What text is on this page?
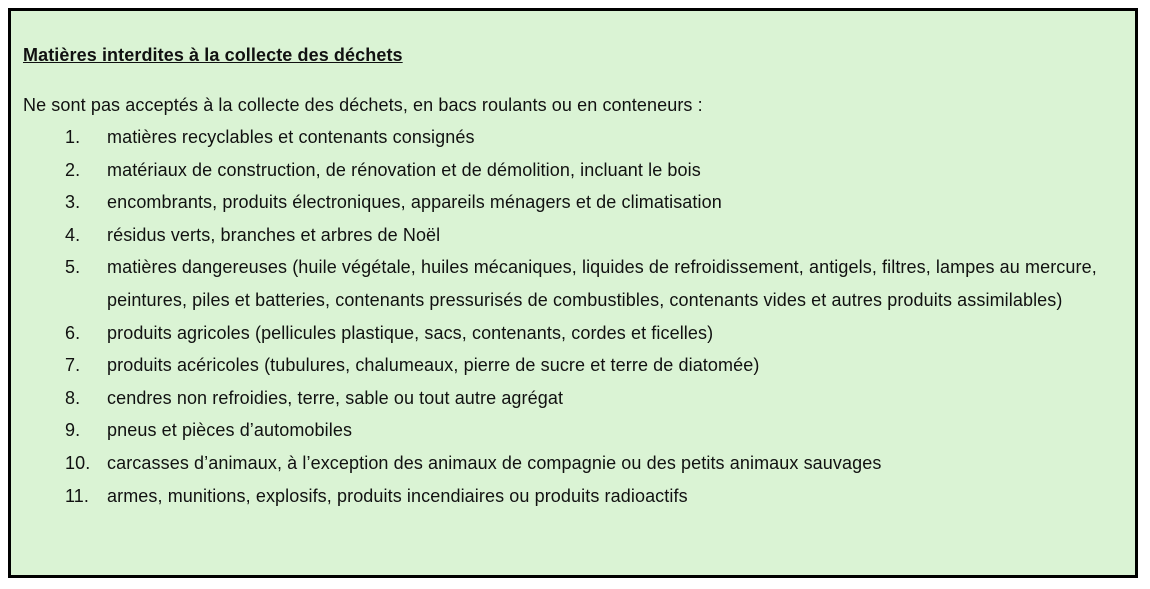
Matières interdites à la collecte des déchets

Ne sont pas acceptés à la collecte des déchets, en bacs roulants ou en conteneurs :

1.	matières recyclables et contenants consignés
2.	matériaux de construction, de rénovation et de démolition, incluant le bois
3.	encombrants, produits électroniques, appareils ménagers et de climatisation
4.	résidus verts, branches et arbres de Noël
5.	matières dangereuses (huile végétale, huiles mécaniques, liquides de refroidissement, antigels, filtres, lampes au mercure, peintures, piles et batteries, contenants pressurisés de combustibles, contenants vides et autres produits assimilables)
6.	produits agricoles (pellicules plastique, sacs, contenants, cordes et ficelles)
7.	produits acéricoles (tubulures, chalumeaux, pierre de sucre et terre de diatomée)
8.	cendres non refroidies, terre, sable ou tout autre agrégat
9.	pneus et pièces d’automobiles
10. carcasses d’animaux, à l’exception des animaux de compagnie ou des petits animaux sauvages
11.	armes, munitions, explosifs, produits incendiaires ou produits radioactifs
